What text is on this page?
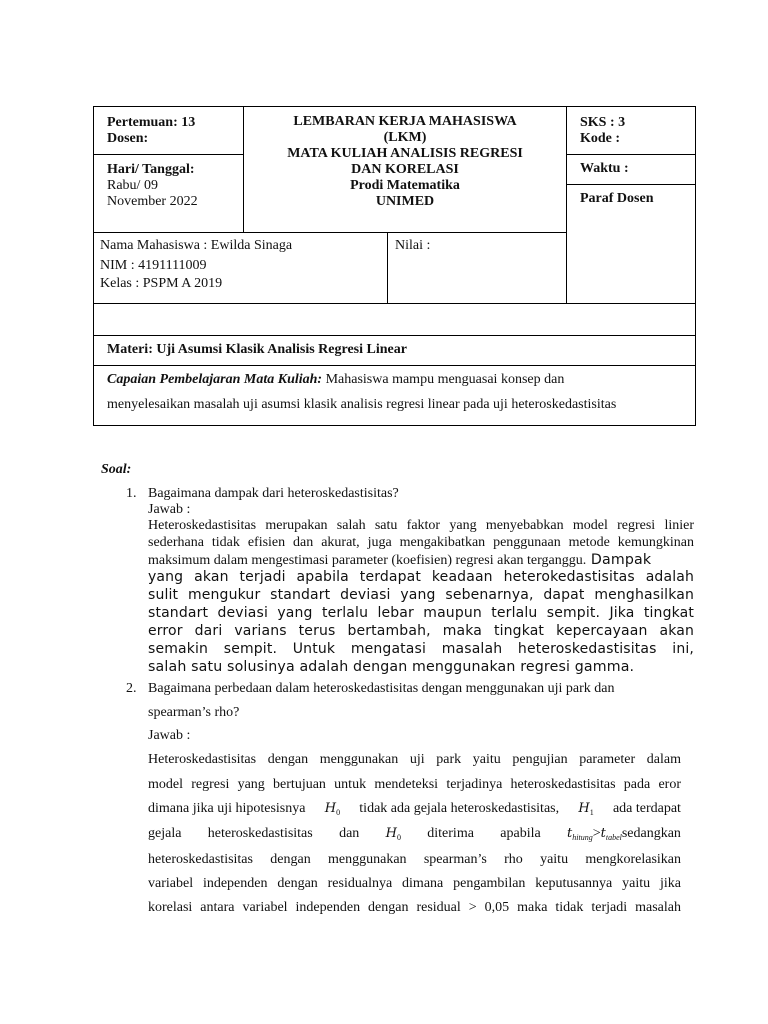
Pertemuan: 13
Dosen:
Hari/ Tanggal:
Rabu/ 09
November 2022
LEMBARAN KERJA MAHASISWA
(LKM)
MATA KULIAH ANALISIS REGRESI
DAN KORELASI
Prodi Matematika
UNIMED
SKS : 3
Kode :
Waktu :
Paraf Dosen
Nama Mahasiswa : Ewilda Sinaga
NIM : 4191111009
Kelas : PSPM A 2019
Nilai :
Materi: Uji Asumsi Klasik Analisis Regresi Linear
Capaian Pembelajaran Mata Kuliah: Mahasiswa mampu menguasai konsep dan
menyelesaikan masalah uji asumsi klasik analisis regresi linear pada uji heteroskedastisitas
Soal:
1. Bagaimana dampak dari heteroskedastisitas?
Jawab :
Heteroskedastisitas merupakan salah satu faktor yang menyebabkan model regresi linier
sederhana tidak efisien dan akurat, juga mengakibatkan penggunaan metode kemungkinan
maksimum dalam mengestimasi parameter (koefisien) regresi akan terganggu. Dampak
yang akan terjadi apabila terdapat keadaan heterokedastisitas adalah
sulit mengukur standart deviasi yang sebenarnya, dapat menghasilkan
standart deviasi yang terlalu lebar maupun terlalu sempit. Jika tingkat
error dari varians terus bertambah, maka tingkat kepercayaan akan
semakin sempit. Untuk mengatasi masalah heteroskedastisitas ini,
salah satu solusinya adalah dengan menggunakan regresi gamma.
2. Bagaimana perbedaan dalam heteroskedastisitas dengan menggunakan uji park dan
spearman’s rho?
Jawab :
Heteroskedastisitas dengan menggunakan uji park yaitu pengujian parameter dalam
model regresi yang bertujuan untuk mendeteksi terjadinya heteroskedastisitas pada eror
dimana jika uji hipotesisnya $H_0$ tidak ada gejala heteroskedastisitas, $H_1$ ada terdapat
gejala heteroskedastisitas dan $H_0$ diterima apabila $t_{hitung}>t_{tabel}sedangkan$
heteroskedastisitas dengan menggunakan spearman’s rho yaitu mengkorelasikan
variabel independen dengan residualnya dimana pengambilan keputusannya yaitu jika
korelasi antara variabel independen dengan residual > 0,05 maka tidak terjadi masalah
